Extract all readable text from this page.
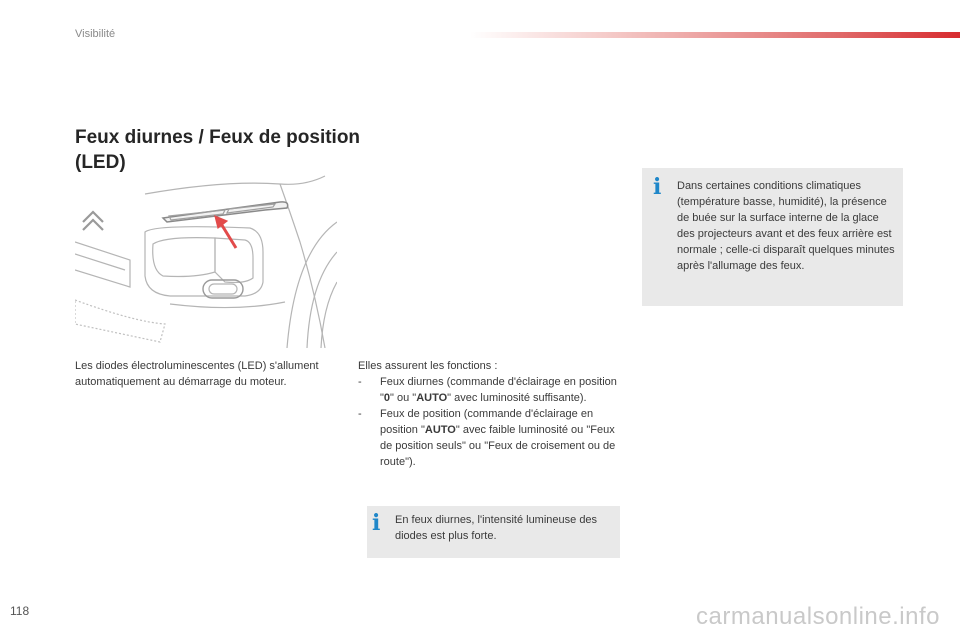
Visibilité
Feux diurnes / Feux de position (LED)
Les diodes électroluminescentes (LED) s'allument automatiquement au démarrage du moteur.
Elles assurent les fonctions :
-	Feux diurnes (commande d'éclairage en position "0" ou "AUTO" avec luminosité suffisante).
-	Feux de position (commande d'éclairage en position "AUTO" avec faible luminosité ou "Feux de position seuls" ou "Feux de croisement ou de route").
i En feux diurnes, l'intensité lumineuse des diodes est plus forte.
i Dans certaines conditions climatiques (température basse, humidité), la présence de buée sur la surface interne de la glace des projecteurs avant et des feux arrière est normale ; celle-ci disparaît quelques minutes après l'allumage des feux.
118	carmanualsonline.info
